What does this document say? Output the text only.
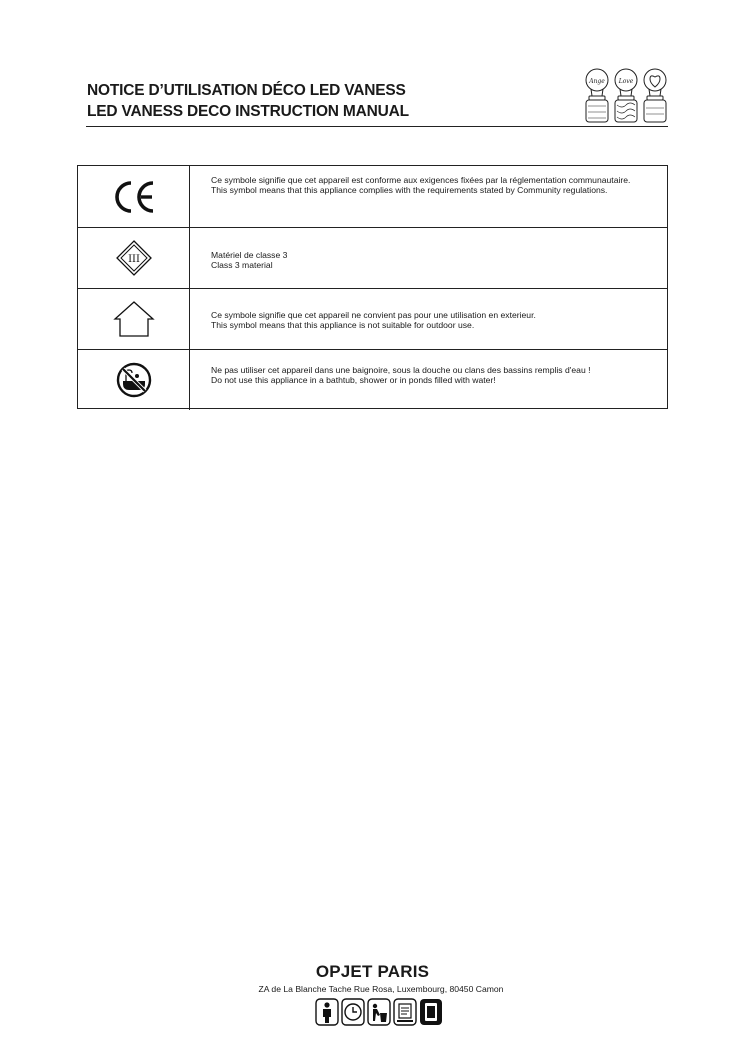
NOTICE D’UTILISATION DÉCO LED VANESS
LED VANESS DECO INSTRUCTION MANUAL
Ange Love

Ce symbole signifie que cet appareil est conforme aux exigences fixées par la réglementation communautaire.

This symbol means that this appliance complies with the requirements stated by Community regulations.

III	Matériel de classe 3

Class 3 material

Ce symbole signifie que cet appareil ne convient pas pour une utilisation en exterieur.

This symbol means that this appliance is not suitable for outdoor use.

Ne pas utiliser cet appareil dans une baignoire, sous la douche ou clans des bassins remplis d'eau !

Do not use this appliance in a bathtub, shower or in ponds filled with water!

OPJET PARIS
ZA de La Blanche Tache Rue Rosa, Luxembourg, 80450 Camon
